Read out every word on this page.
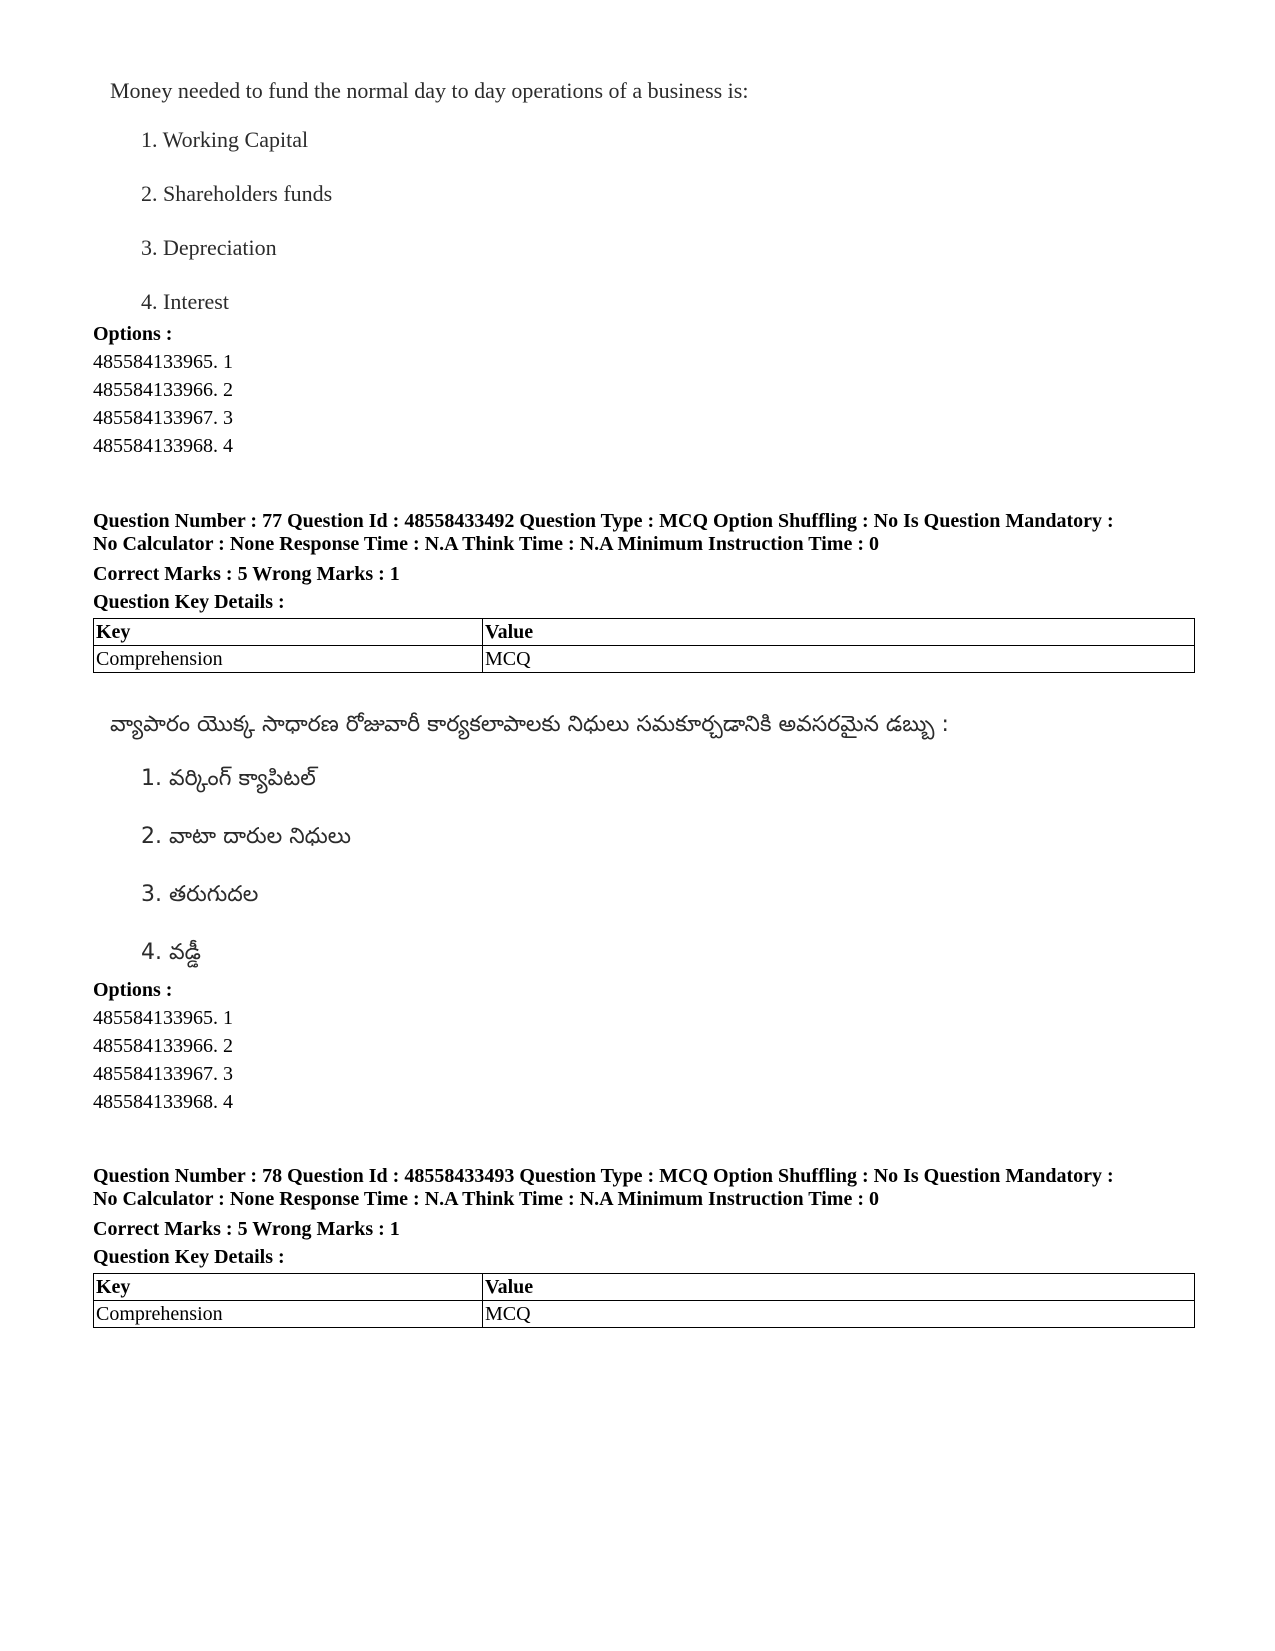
Money needed to fund the normal day to day operations of a business is:
1. Working Capital
2. Shareholders funds
3. Depreciation
4. Interest
Options :
485584133965. 1
485584133966. 2
485584133967. 3
485584133968. 4
Question Number : 77 Question Id : 48558433492 Question Type : MCQ Option Shuffling : No Is Question Mandatory :
No Calculator : None Response Time : N.A Think Time : N.A Minimum Instruction Time : 0
Correct Marks : 5 Wrong Marks : 1
Question Key Details :
Key	Value
Comprehension	MCQ
వ్యాపారం యొక్క సాధారణ రోజువారీ కార్యకలాపాలకు నిధులు సమకూర్చడానికి అవసరమైన డబ్బు :
1. వర్కింగ్ క్యాపిటల్
2. వాటా దారుల నిధులు
3. తరుగుదల
4. వడ్డీ
Options :
485584133965. 1
485584133966. 2
485584133967. 3
485584133968. 4
Question Number : 78 Question Id : 48558433493 Question Type : MCQ Option Shuffling : No Is Question Mandatory :
No Calculator : None Response Time : N.A Think Time : N.A Minimum Instruction Time : 0
Correct Marks : 5 Wrong Marks : 1
Question Key Details :
Key	Value
Comprehension	MCQ
